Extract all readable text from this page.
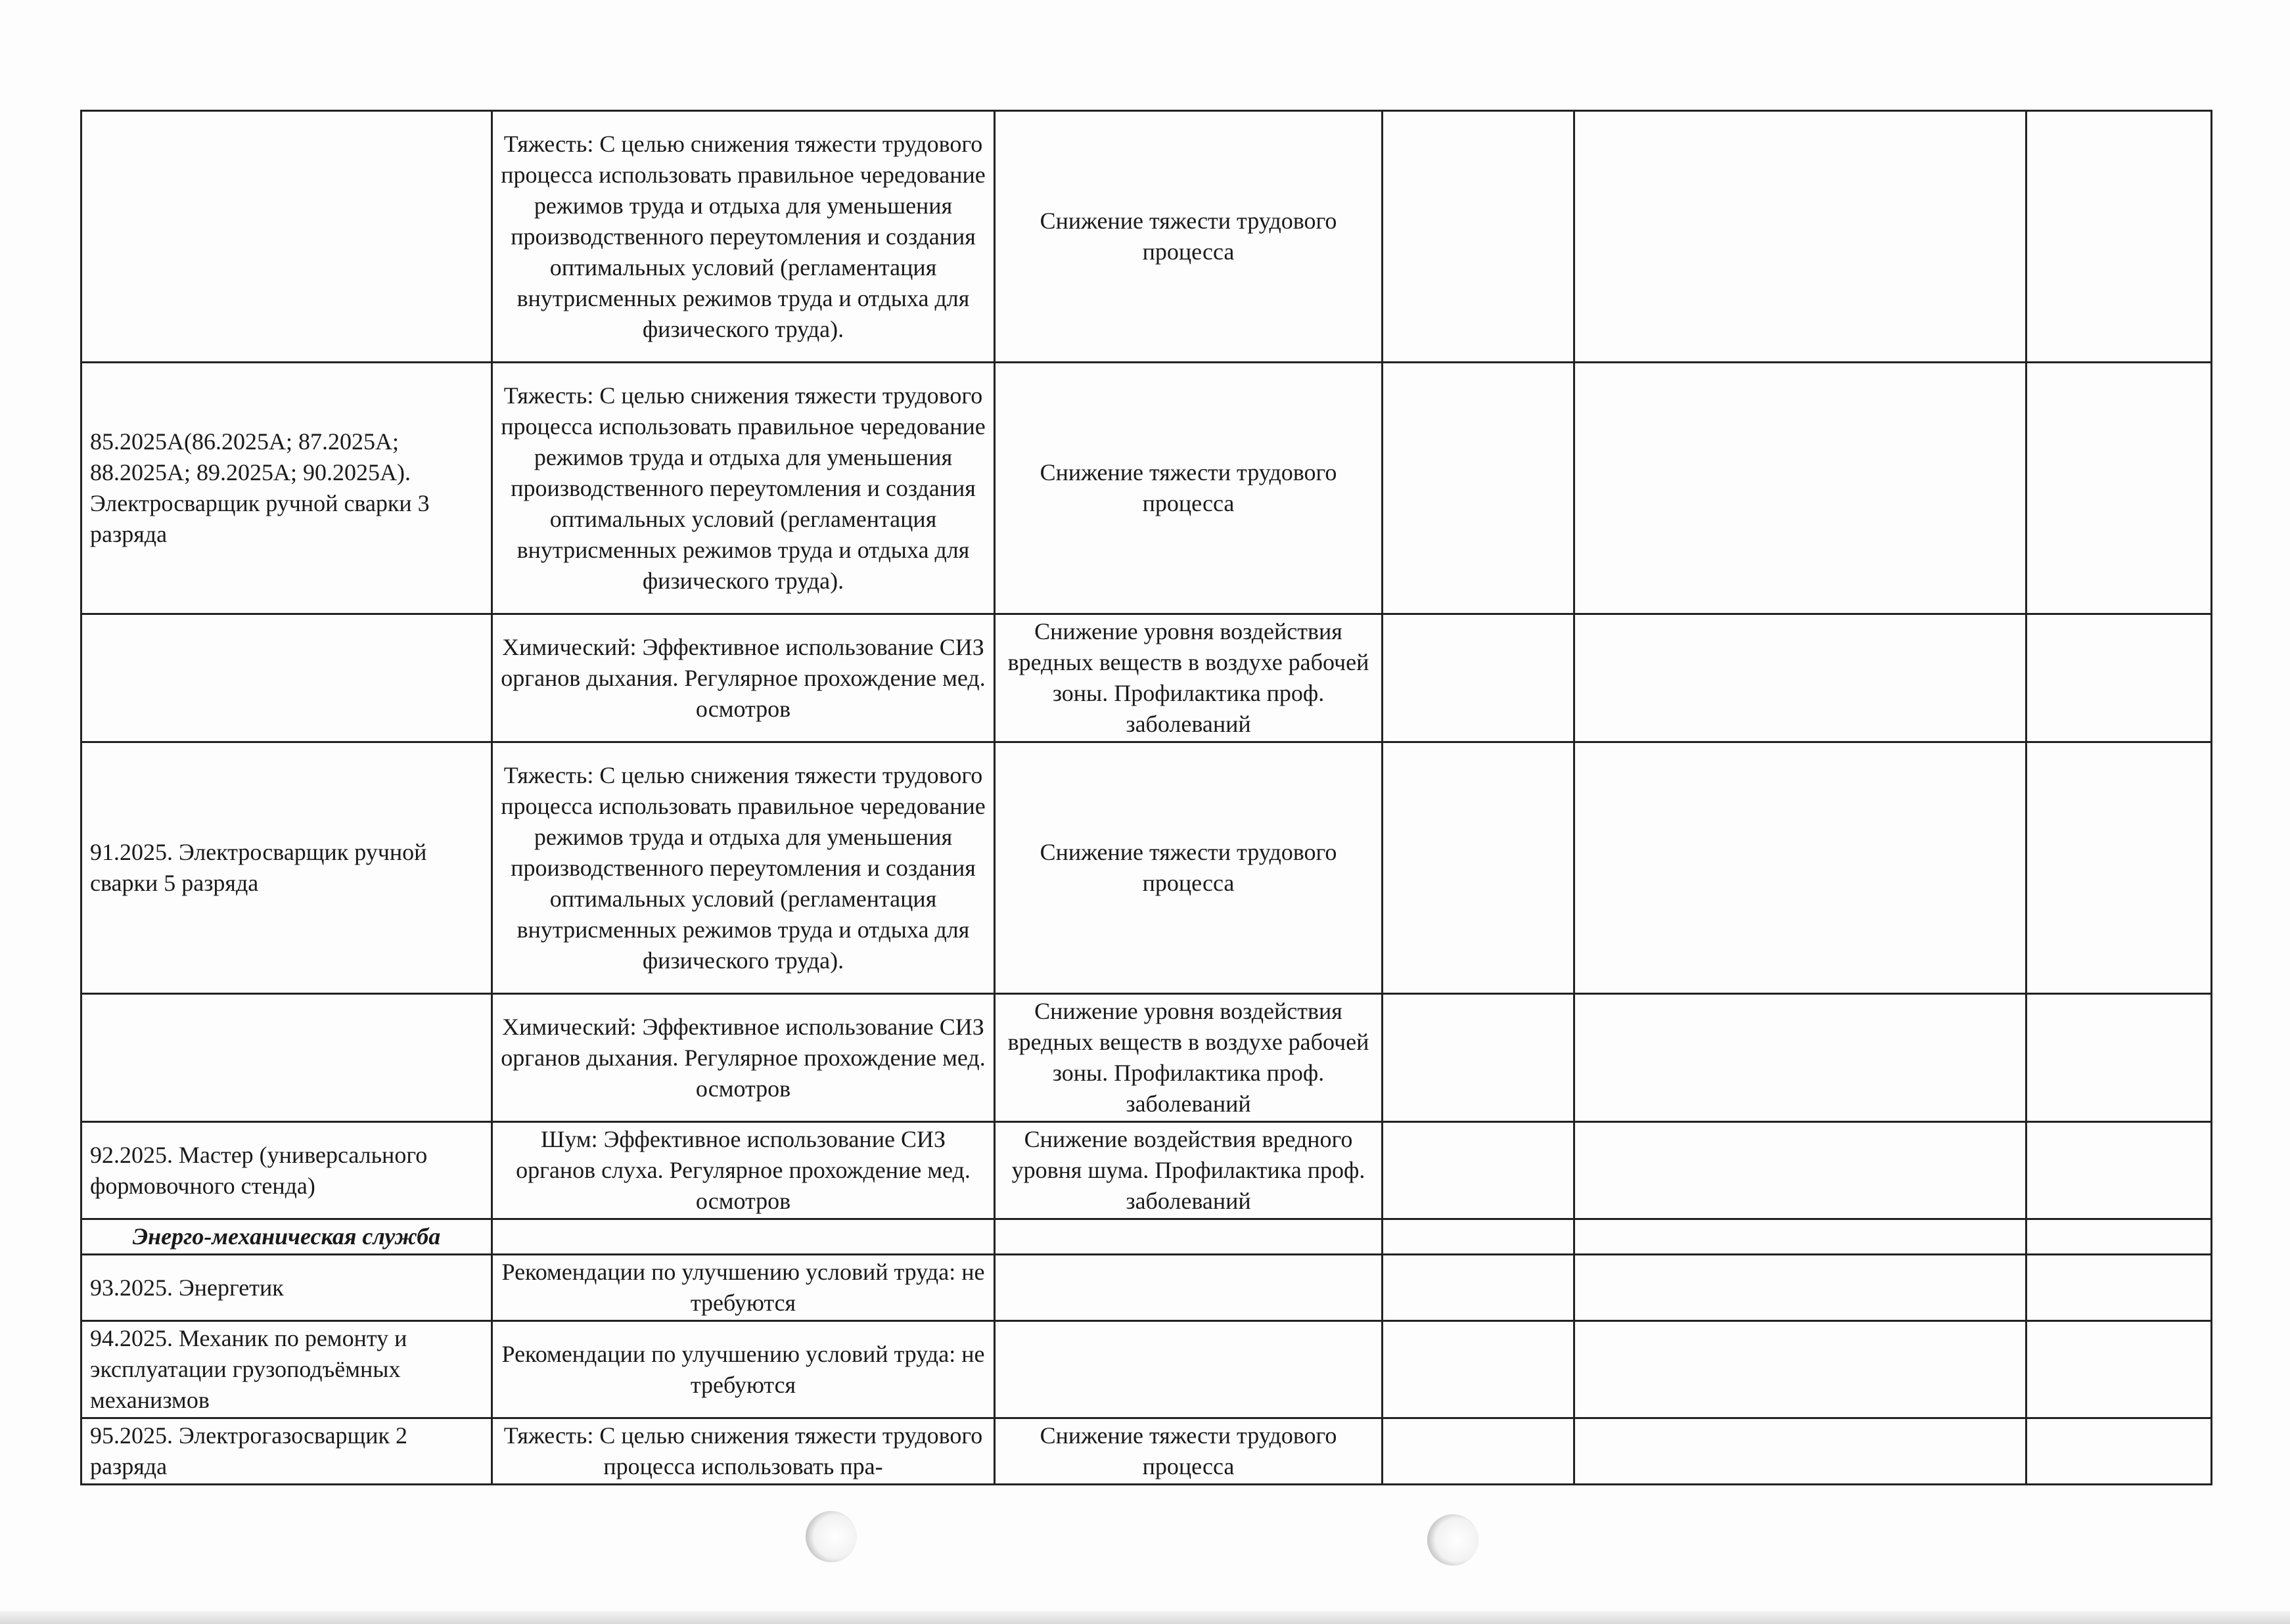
	Тяжесть: С целью снижения тяжести трудового процесса использовать правильное чередование режимов труда и отдыха для уменьшения производственного переутомления и создания оптимальных условий (регламентация внутрисменных режимов труда и отдыха для физического труда).	Снижение тяжести трудового процесса			
85.2025А(86.2025А; 87.2025А; 88.2025А; 89.2025А; 90.2025А). Электросварщик ручной сварки 3 разряда	Тяжесть: С целью снижения тяжести трудового процесса использовать правильное чередование режимов труда и отдыха для уменьшения производственного переутомления и создания оптимальных условий (регламентация внутрисменных режимов труда и отдыха для физического труда).	Снижение тяжести трудового процесса			
	Химический: Эффективное использование СИЗ органов дыхания. Регулярное прохождение мед. осмотров	Снижение уровня воздействия вредных веществ в воздухе рабочей зоны. Профилактика проф. заболеваний			
91.2025. Электросварщик ручной сварки 5 разряда	Тяжесть: С целью снижения тяжести трудового процесса использовать правильное чередование режимов труда и отдыха для уменьшения производственного переутомления и создания оптимальных условий (регламентация внутрисменных режимов труда и отдыха для физического труда).	Снижение тяжести трудового процесса			
	Химический: Эффективное использование СИЗ органов дыхания. Регулярное прохождение мед. осмотров	Снижение уровня воздействия вредных веществ в воздухе рабочей зоны. Профилактика проф. заболеваний			
92.2025. Мастер (универсального формовочного стенда)	Шум: Эффективное использование СИЗ органов слуха. Регулярное прохождение мед. осмотров	Снижение воздействия вредного уровня шума. Профилактика проф. заболеваний			
Энерго-механическая служба					
93.2025. Энергетик	Рекомендации по улучшению условий труда: не требуются				
94.2025. Механик по ремонту и эксплуатации грузоподъёмных механизмов	Рекомендации по улучшению условий труда: не требуются				
95.2025. Электрогазосварщик 2 разряда	Тяжесть: С целью снижения тяжести трудового процесса использовать пра-	Снижение тяжести трудового процесса			
